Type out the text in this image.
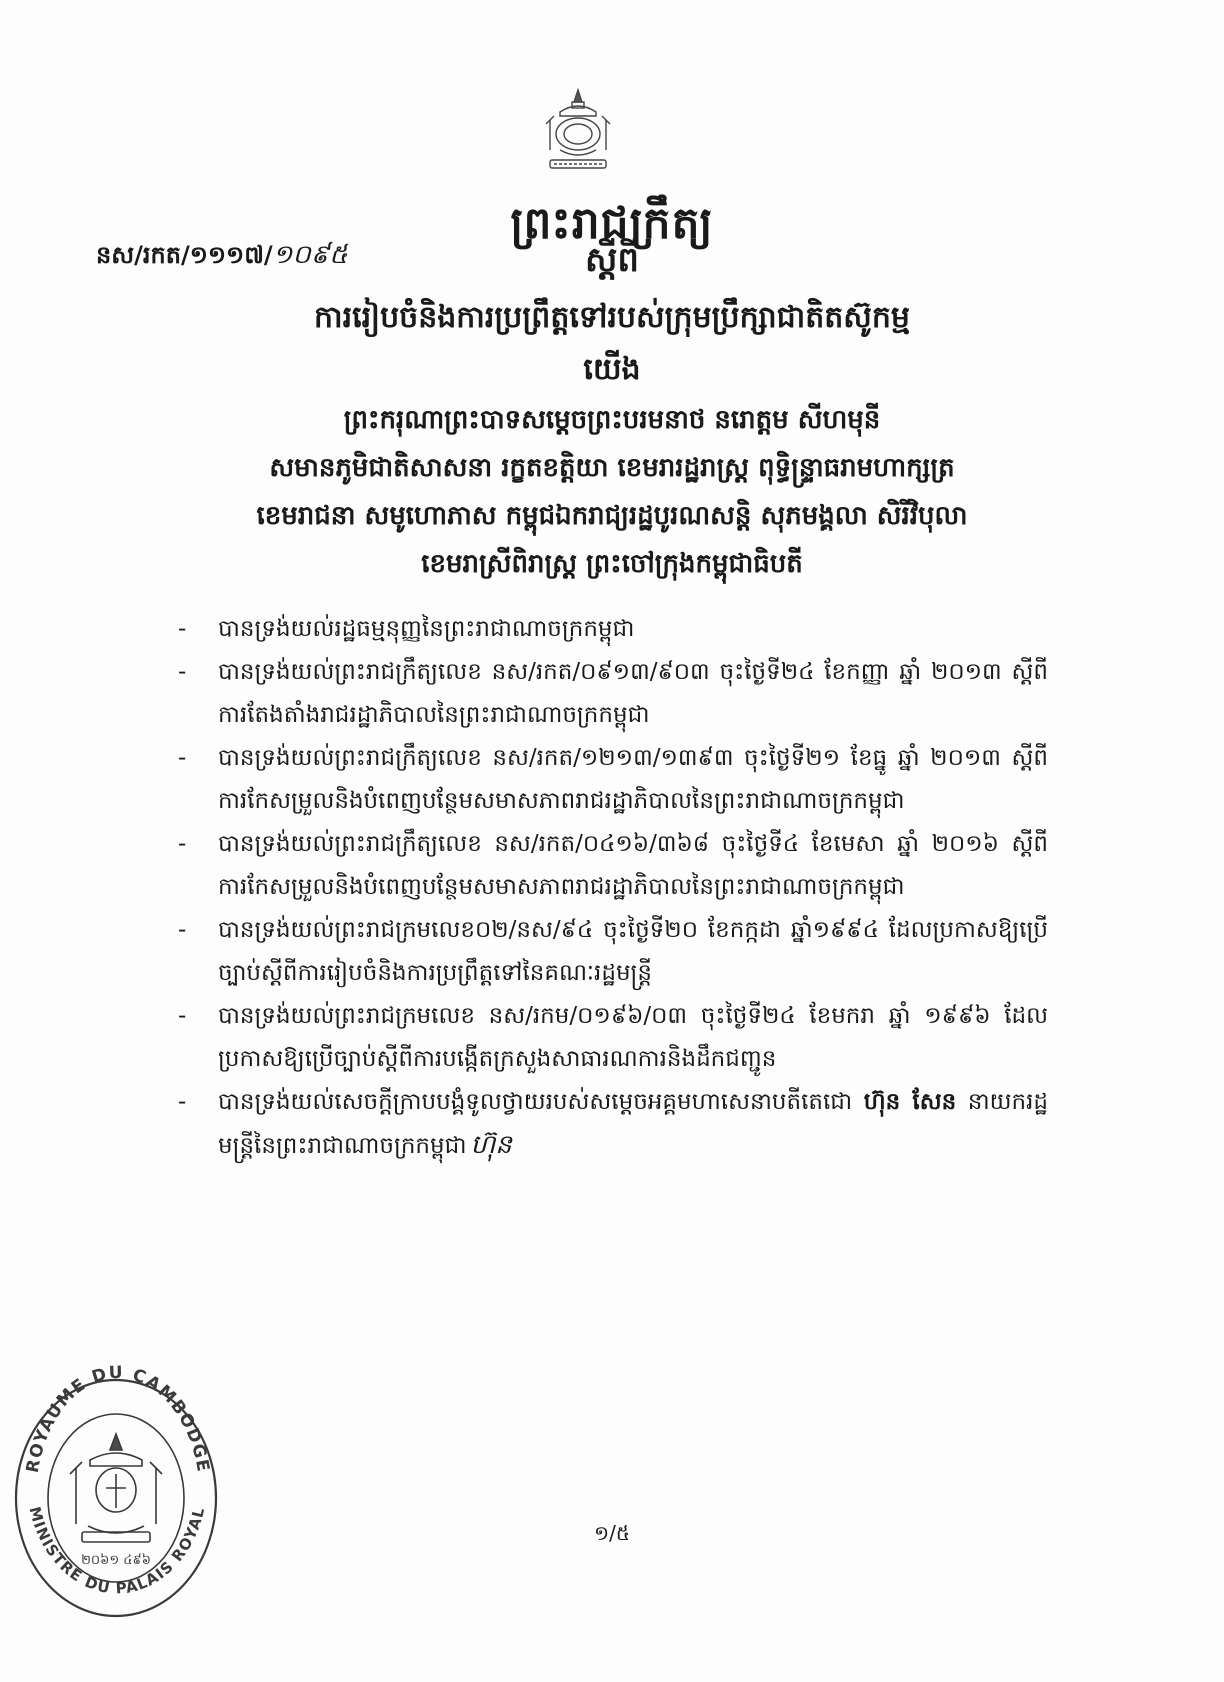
ព្រះរាជក្រឹត្យ
នស/រកត/១១១៧/១០៩៥	ស្តីពី
ការរៀបចំនិងការប្រព្រឹត្តទៅរបស់ក្រុមប្រឹក្សាជាតិតស៊ូកម្ម
យើង
ព្រះករុណាព្រះបាទសម្តេចព្រះបរមនាថ នរោត្តម សីហមុនី
សមានភូមិជាតិសាសនា រក្ខតខត្តិយា ខេមរារដ្ឋរាស្ត្រ ពុទ្ធិន្ទ្រាធរាមហាក្សត្រ
ខេមរាជនា សមូហោភាស កម្ពុជឯករាជ្យរដ្ឋបូរណសន្តិ សុភមង្គលា សិរីវិបុលា
ខេមរាស្រីពិរាស្ត្រ ព្រះចៅក្រុងកម្ពុជាធិបតី
- បានទ្រង់យល់រដ្ឋធម្មនុញ្ញនៃព្រះរាជាណាចក្រកម្ពុជា
- បានទ្រង់យល់ព្រះរាជក្រឹត្យលេខ នស/រកត/០៩១៣/៩០៣ ចុះថ្ងៃទី២៤ ខែកញ្ញា ឆ្នាំ ២០១៣ ស្តីពីការតែងតាំងរាជរដ្ឋាភិបាលនៃព្រះរាជាណាចក្រកម្ពុជា
- បានទ្រង់យល់ព្រះរាជក្រឹត្យលេខ នស/រកត/១២១៣/១៣៩៣ ចុះថ្ងៃទី២១ ខែធ្នូ ឆ្នាំ ២០១៣ ស្តីពីការកែសម្រួលនិងបំពេញបន្ថែមសមាសភាពរាជរដ្ឋាភិបាលនៃព្រះរាជាណាចក្រកម្ពុជា
- បានទ្រង់យល់ព្រះរាជក្រឹត្យលេខ នស/រកត/០៤១៦/៣៦៨ ចុះថ្ងៃទី៤ ខែមេសា ឆ្នាំ ២០១៦ ស្តីពីការកែសម្រួលនិងបំពេញបន្ថែមសមាសភាពរាជរដ្ឋាភិបាលនៃព្រះរាជាណាចក្រកម្ពុជា
- បានទ្រង់យល់ព្រះរាជក្រមលេខ០២/នស/៩៤ ចុះថ្ងៃទី២០ ខែកក្កដា ឆ្នាំ១៩៩៤ ដែលប្រកាសឱ្យប្រើច្បាប់ស្តីពីការរៀបចំនិងការប្រព្រឹត្តទៅនៃគណៈរដ្ឋមន្ត្រី
- បានទ្រង់យល់ព្រះរាជក្រមលេខ នស/រកម/០១៩៦/០៣ ចុះថ្ងៃទី២៤ ខែមករា ឆ្នាំ ១៩៩៦ ដែលប្រកាសឱ្យប្រើច្បាប់ស្តីពីការបង្កើតក្រសួងសាធារណការនិងដឹកជញ្ជូន
- បានទ្រង់យល់សេចក្តីក្រាបបង្គំទូលថ្វាយរបស់សម្តេចអគ្គមហាសេនាបតីតេជោ ហ៊ុន សែន នាយករដ្ឋមន្ត្រីនៃព្រះរាជាណាចក្រកម្ពុជា ហ៊ុន
១/៥
ROYAUME DU CAMBODGE
MINISTRE DU PALAIS ROYAL
២០៦១ ៤៩៦
